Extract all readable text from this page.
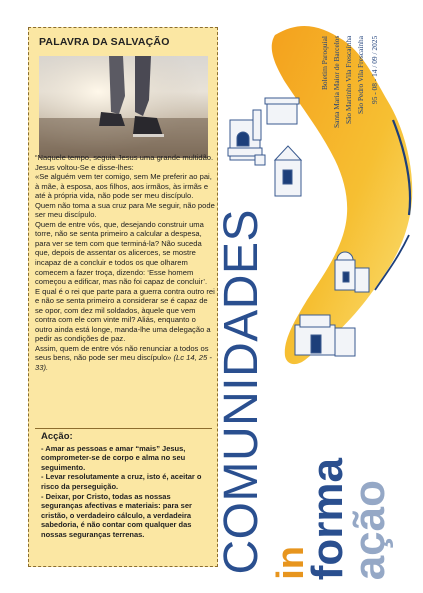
PALAVRA DA SALVAÇÃO

“Naquele tempo, seguia Jesus uma grande multidão.

Jesus voltou-Se e disse-lhes:

«Se alguém vem ter comigo, sem Me preferir ao pai, à mãe, à esposa, aos filhos, aos irmãos, às irmãs e até à própria vida, não pode ser meu discípulo.

Quem não toma a sua cruz para Me seguir, não pode ser meu discípulo.

Quem de entre vós, que, desejando construir uma torre, não se senta primeiro a calcular a despesa, para ver se tem com que terminá-la? Não suceda que, depois de assentar os alicerces, se mostre incapaz de a concluir e todos os que olharem comecem a fazer troça, dizendo: ‘Esse homem começou a edificar, mas não foi capaz de concluir’.

E qual é o rei que parte para a guerra contra outro rei e não se senta primeiro a considerar se é capaz de se opor, com dez mil soldados, àquele que vem contra com ele com vinte mil? Aliás, enquanto o outro ainda está longe, manda-lhe uma delegação a pedir as condições de paz.

Assim, quem de entre vós não renunciar a todos os seus bens, não pode ser meu discípulo» (Lc 14, 25 - 33).

Acção:

- Amar as pessoas e amar “mais” Jesus, comprometer-se de corpo e alma no seu seguimento.

- Levar resolutamente a cruz, isto é, aceitar o risco da perseguição.

- Deixar, por Cristo, todas as nossas seguranças afectivas e materiais: para ser cristão, o verdadeiro cálculo, a verdadeira sabedoria, é não contar com qualquer das nossas seguranças terrenas.

Boletim Paroquial Santa Maria Maior de Barcelos São Martinho Vila Frescaínha São Pedro Vila Frescaínha 95 - 08 - 14 / 09 / 2025
COMUNIDADES in
forma
ação
